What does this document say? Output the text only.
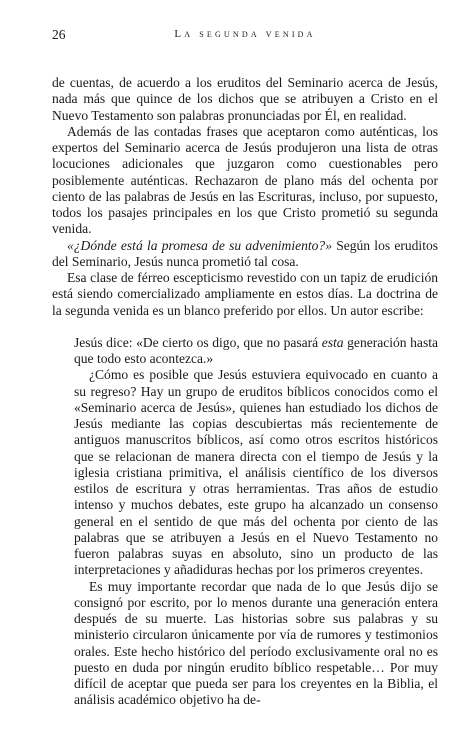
26	La segunda venida

de cuentas, de acuerdo a los eruditos del Seminario acerca de Jesús, nada más que quince de los dichos que se atribuyen a Cristo en el Nuevo Testamento son palabras pronunciadas por Él, en realidad.

Además de las contadas frases que aceptaron como auténticas, los expertos del Seminario acerca de Jesús produjeron una lista de otras locuciones adicionales que juzgaron como cuestionables pero posiblemente auténticas. Rechazaron de plano más del ochenta por ciento de las palabras de Jesús en las Escrituras, incluso, por supuesto, todos los pasajes principales en los que Cristo prometió su segunda venida.

«¿Dónde está la promesa de su advenimiento?» Según los eruditos del Seminario, Jesús nunca prometió tal cosa.

Esa clase de férreo escepticismo revestido con un tapiz de erudición está siendo comercializado ampliamente en estos días. La doctrina de la segunda venida es un blanco preferido por ellos. Un autor escribe:

Jesús dice: «De cierto os digo, que no pasará esta generación hasta que todo esto acontezca.»

¿Cómo es posible que Jesús estuviera equivocado en cuanto a su regreso? Hay un grupo de eruditos bíblicos conocidos como el «Seminario acerca de Jesús», quienes han estudiado los dichos de Jesús mediante las copias descubiertas más recientemente de antiguos manuscritos bíblicos, así como otros escritos históricos que se relacionan de manera directa con el tiempo de Jesús y la iglesia cristiana primitiva, el análisis científico de los diversos estilos de escritura y otras herramientas. Tras años de estudio intenso y muchos debates, este grupo ha alcanzado un consenso general en el sentido de que más del ochenta por ciento de las palabras que se atribuyen a Jesús en el Nuevo Testamento no fueron palabras suyas en absoluto, sino un producto de las interpretaciones y añadiduras hechas por los primeros creyentes.

Es muy importante recordar que nada de lo que Jesús dijo se consignó por escrito, por lo menos durante una generación entera después de su muerte. Las historias sobre sus palabras y su ministerio circularon únicamente por vía de rumores y testimonios orales. Este hecho histórico del período exclusivamente oral no es puesto en duda por ningún erudito bíblico respetable… Por muy difícil de aceptar que pueda ser para los creyentes en la Biblia, el análisis académico objetivo ha de-
